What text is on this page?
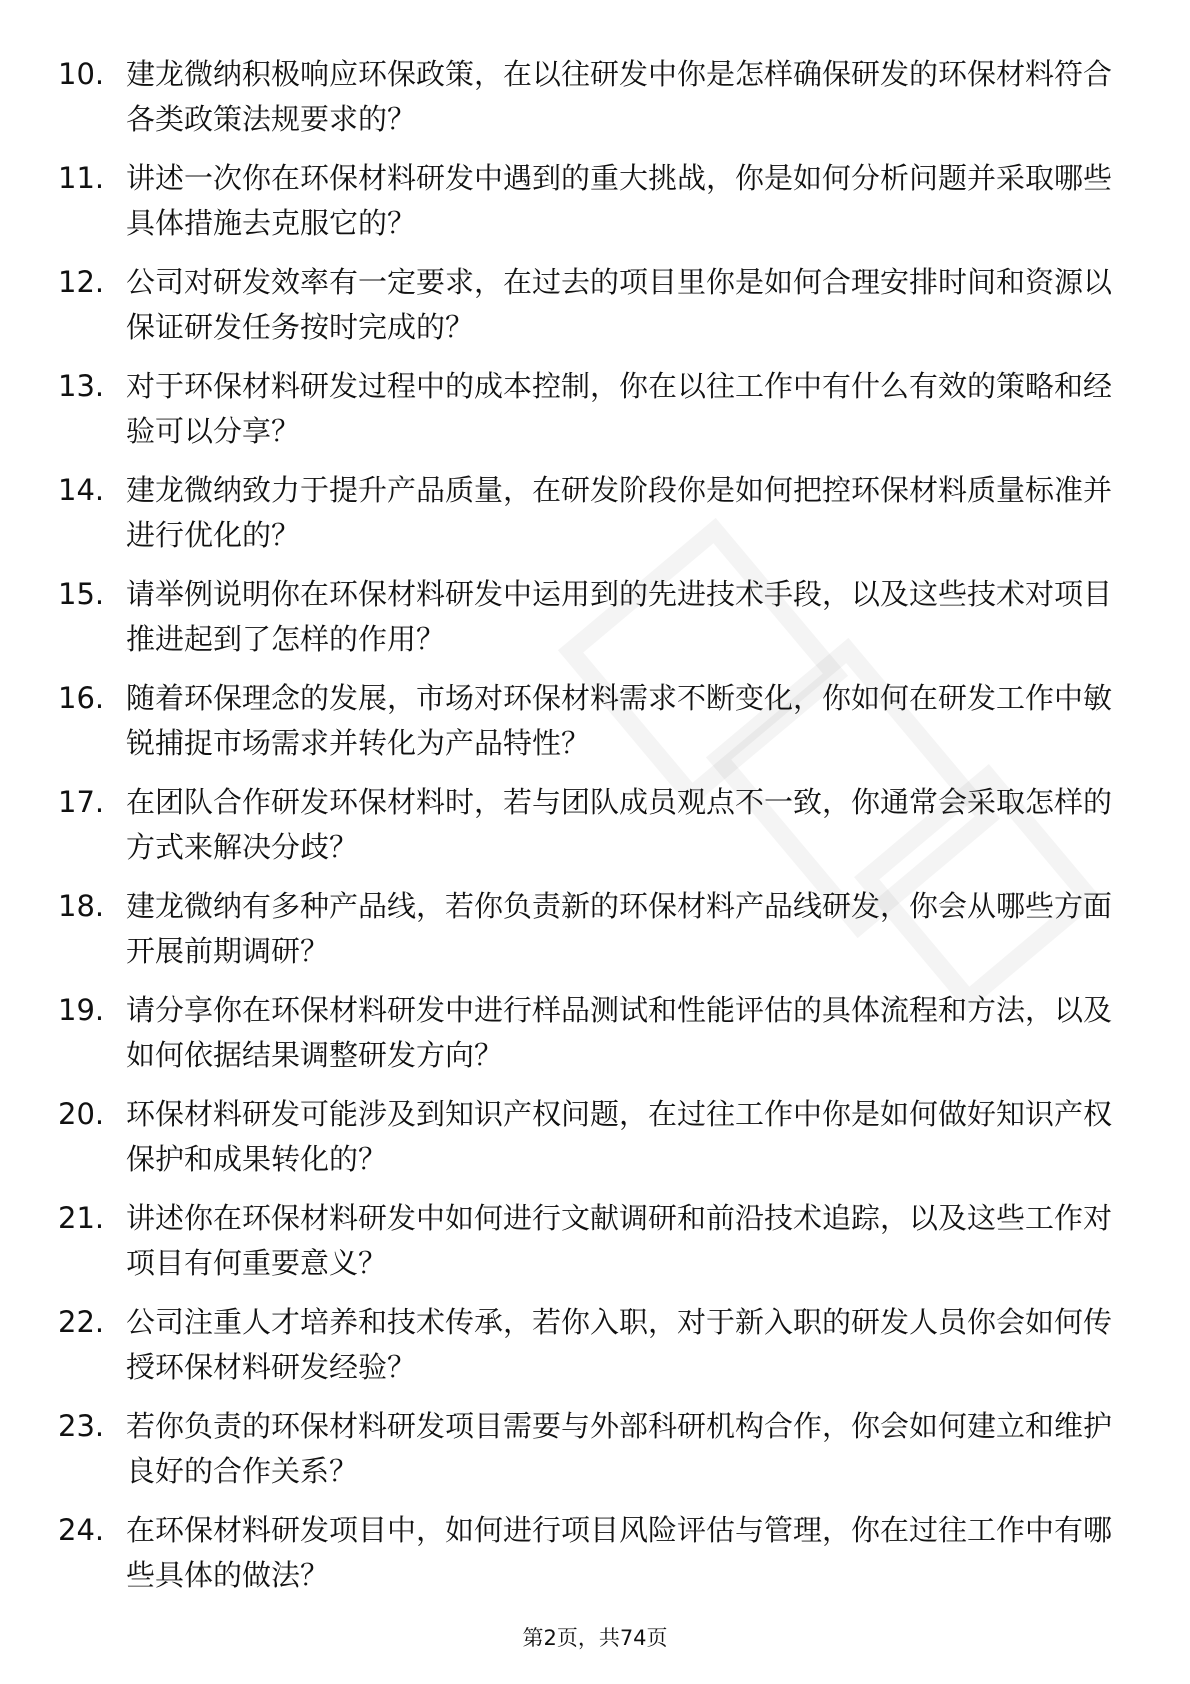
10. 建龙微纳积极响应环保政策，在以往研发中你是怎样确保研发的环保材料符合各类政策法规要求的？
11. 讲述一次你在环保材料研发中遇到的重大挑战，你是如何分析问题并采取哪些具体措施去克服它的？
12. 公司对研发效率有一定要求，在过去的项目里你是如何合理安排时间和资源以保证研发任务按时完成的？
13. 对于环保材料研发过程中的成本控制，你在以往工作中有什么有效的策略和经验可以分享？
14. 建龙微纳致力于提升产品质量，在研发阶段你是如何把控环保材料质量标准并进行优化的？
15. 请举例说明你在环保材料研发中运用到的先进技术手段，以及这些技术对项目推进起到了怎样的作用？
16. 随着环保理念的发展，市场对环保材料需求不断变化，你如何在研发工作中敏锐捕捉市场需求并转化为产品特性？
17. 在团队合作研发环保材料时，若与团队成员观点不一致，你通常会采取怎样的方式来解决分歧？
18. 建龙微纳有多种产品线，若你负责新的环保材料产品线研发，你会从哪些方面开展前期调研？
19. 请分享你在环保材料研发中进行样品测试和性能评估的具体流程和方法，以及如何依据结果调整研发方向？
20. 环保材料研发可能涉及到知识产权问题，在过往工作中你是如何做好知识产权保护和成果转化的？
21. 讲述你在环保材料研发中如何进行文献调研和前沿技术追踪，以及这些工作对项目有何重要意义？
22. 公司注重人才培养和技术传承，若你入职，对于新入职的研发人员你会如何传授环保材料研发经验？
23. 若你负责的环保材料研发项目需要与外部科研机构合作，你会如何建立和维护良好的合作关系？
24. 在环保材料研发项目中，如何进行项目风险评估与管理，你在过往工作中有哪些具体的做法？
第2页，共74页
